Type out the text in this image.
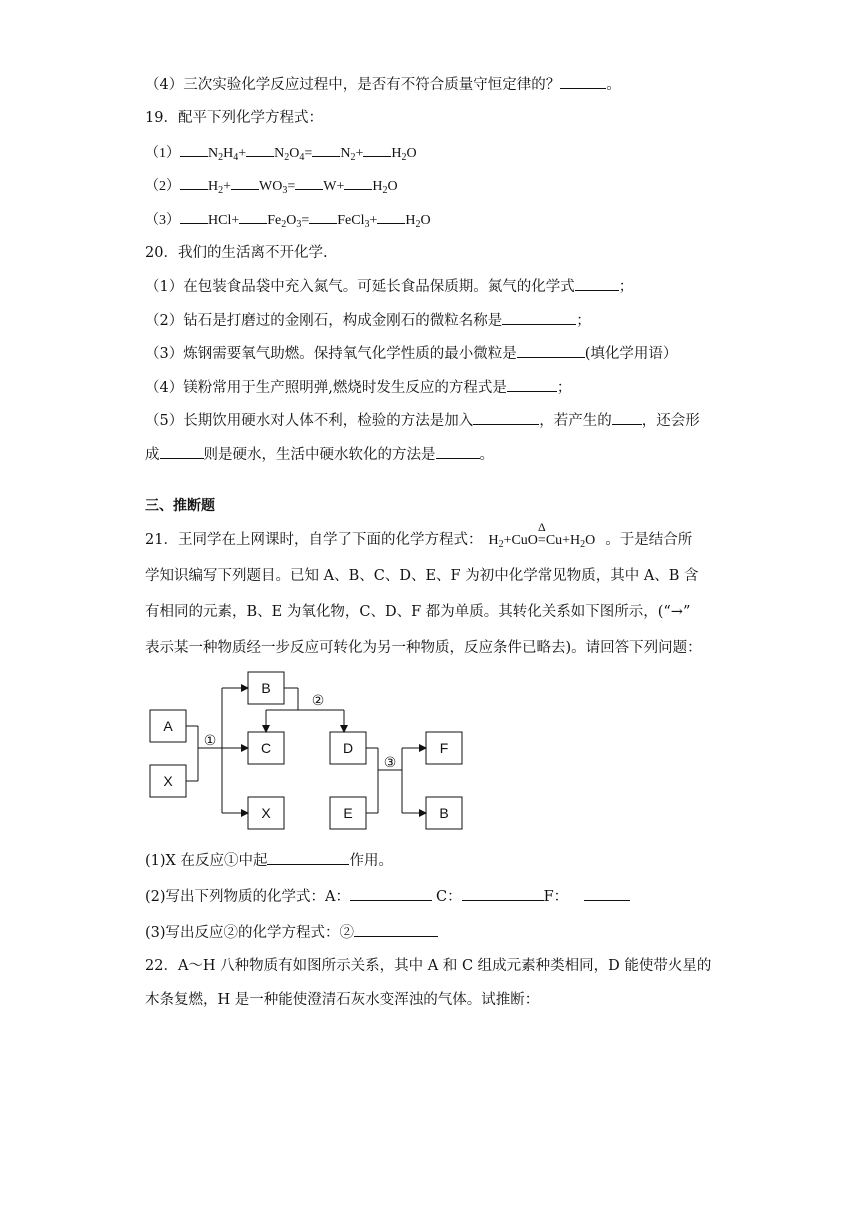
（4）三次实验化学反应过程中，是否有不符合质量守恒定律的？	。
19．配平下列化学方程式：
（1） $N_2H_4+ N_2O_4= N_2+ H_2O$
（2） $H_2+ WO_3= W+ H_2O$
（3） $HCl+ Fe_2O_3=$ FeCl$_3$+ $H_2O$
20．我们的生活离不开化学.
（1）在包装食品袋中充入氮气。可延长食品保质期。氮气的化学式	；
（2）钻石是打磨过的金刚石，构成金刚石的微粒名称是	；
（3）炼钢需要氧气助燃。保持氧气化学性质的最小微粒是	(填化学用语）
（4）镁粉常用于生产照明弹,燃烧时发生反应的方程式是	；
（5）长期饮用硬水对人体不利，检验的方法是加入	，若产生的 ，还会形
成	则是硬水，生活中硬水软化的方法是	。
三、推断题
21．王同学在上网课时，自学了下面的化学方程式： $H_2+CuO$
Δ
$=Cu+H_2O$ 。于是结合所
学知识编写下列题目。已知 A、B、C、D、E、F 为初中化学常见物质，其中 A、B 含
有相同的元素，B、E 为氧化物，C、D、F 都为单质。其转化关系如下图所示，(“→”
表示某一种物质经一步反应可转化为另一种物质，反应条件已略去)。请回答下列问题：
A
X
B
C
X
D
E
F
B
①
②
③
(1)X 在反应①中起	作用。
(2)写出下列物质的化学式：A：	C：	F：
(3)写出反应②的化学方程式：②
22．A～H 八种物质有如图所示关系，其中 A 和 C 组成元素种类相同，D 能使带火星的
木条复燃，H 是一种能使澄清石灰水变浑浊的气体。试推断：
